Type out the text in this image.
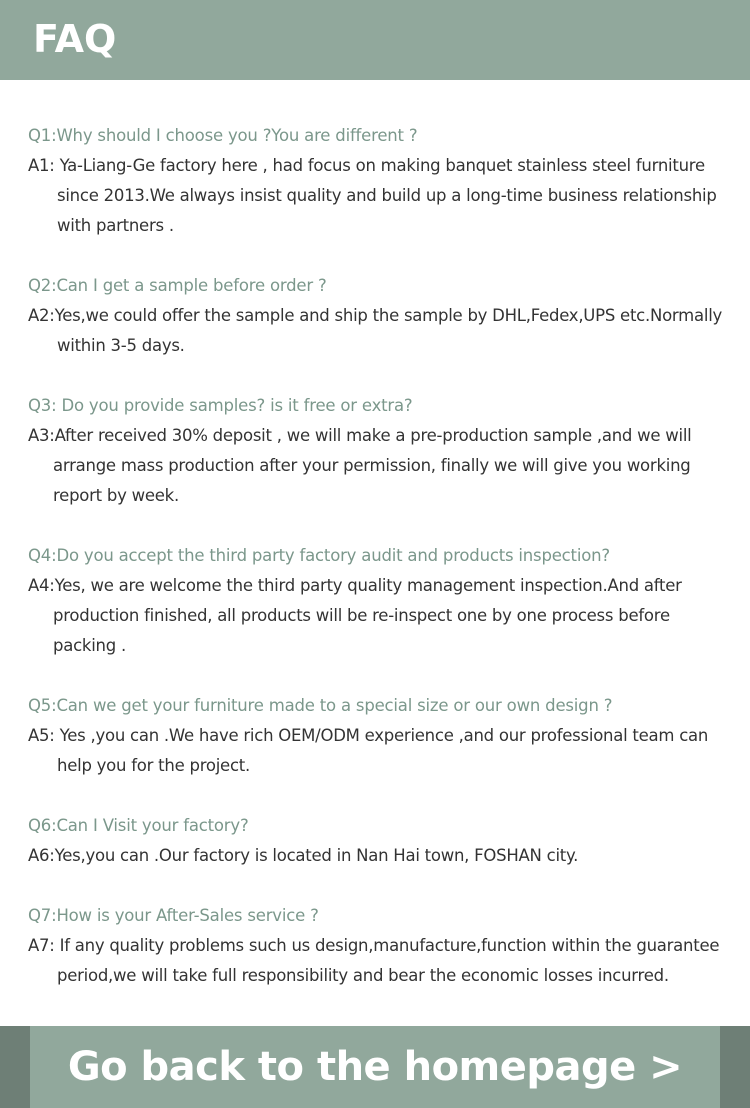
FAQ
Q1:Why should I choose you ?You are different ?
A1: Ya-Liang-Ge factory here , had focus on making banquet stainless steel furniture
since 2013.We always insist quality and build up a long-time business relationship
with partners .
Q2:Can I get a sample before order ?
A2:Yes,we could offer the sample and ship the sample by DHL,Fedex,UPS etc.Normally
within 3-5 days.
Q3: Do you provide samples? is it free or extra?
A3:After received 30% deposit , we will make a pre-production sample ,and we will
arrange mass production after your permission, finally we will give you working
report by week.
Q4:Do you accept the third party factory audit and products inspection?
A4:Yes, we are welcome the third party quality management inspection.And after
production finished, all products will be re-inspect one by one process before
packing .
Q5:Can we get your furniture made to a special size or our own design ?
A5: Yes ,you can .We have rich OEM/ODM experience ,and our professional team can
help you for the project.
Q6:Can I Visit your factory?
A6:Yes,you can .Our factory is located in Nan Hai town, FOSHAN city.
Q7:How is your After-Sales service ?
A7: If any quality problems such us design,manufacture,function within the guarantee
period,we will take full responsibility and bear the economic losses incurred.
Go back to the homepage >
